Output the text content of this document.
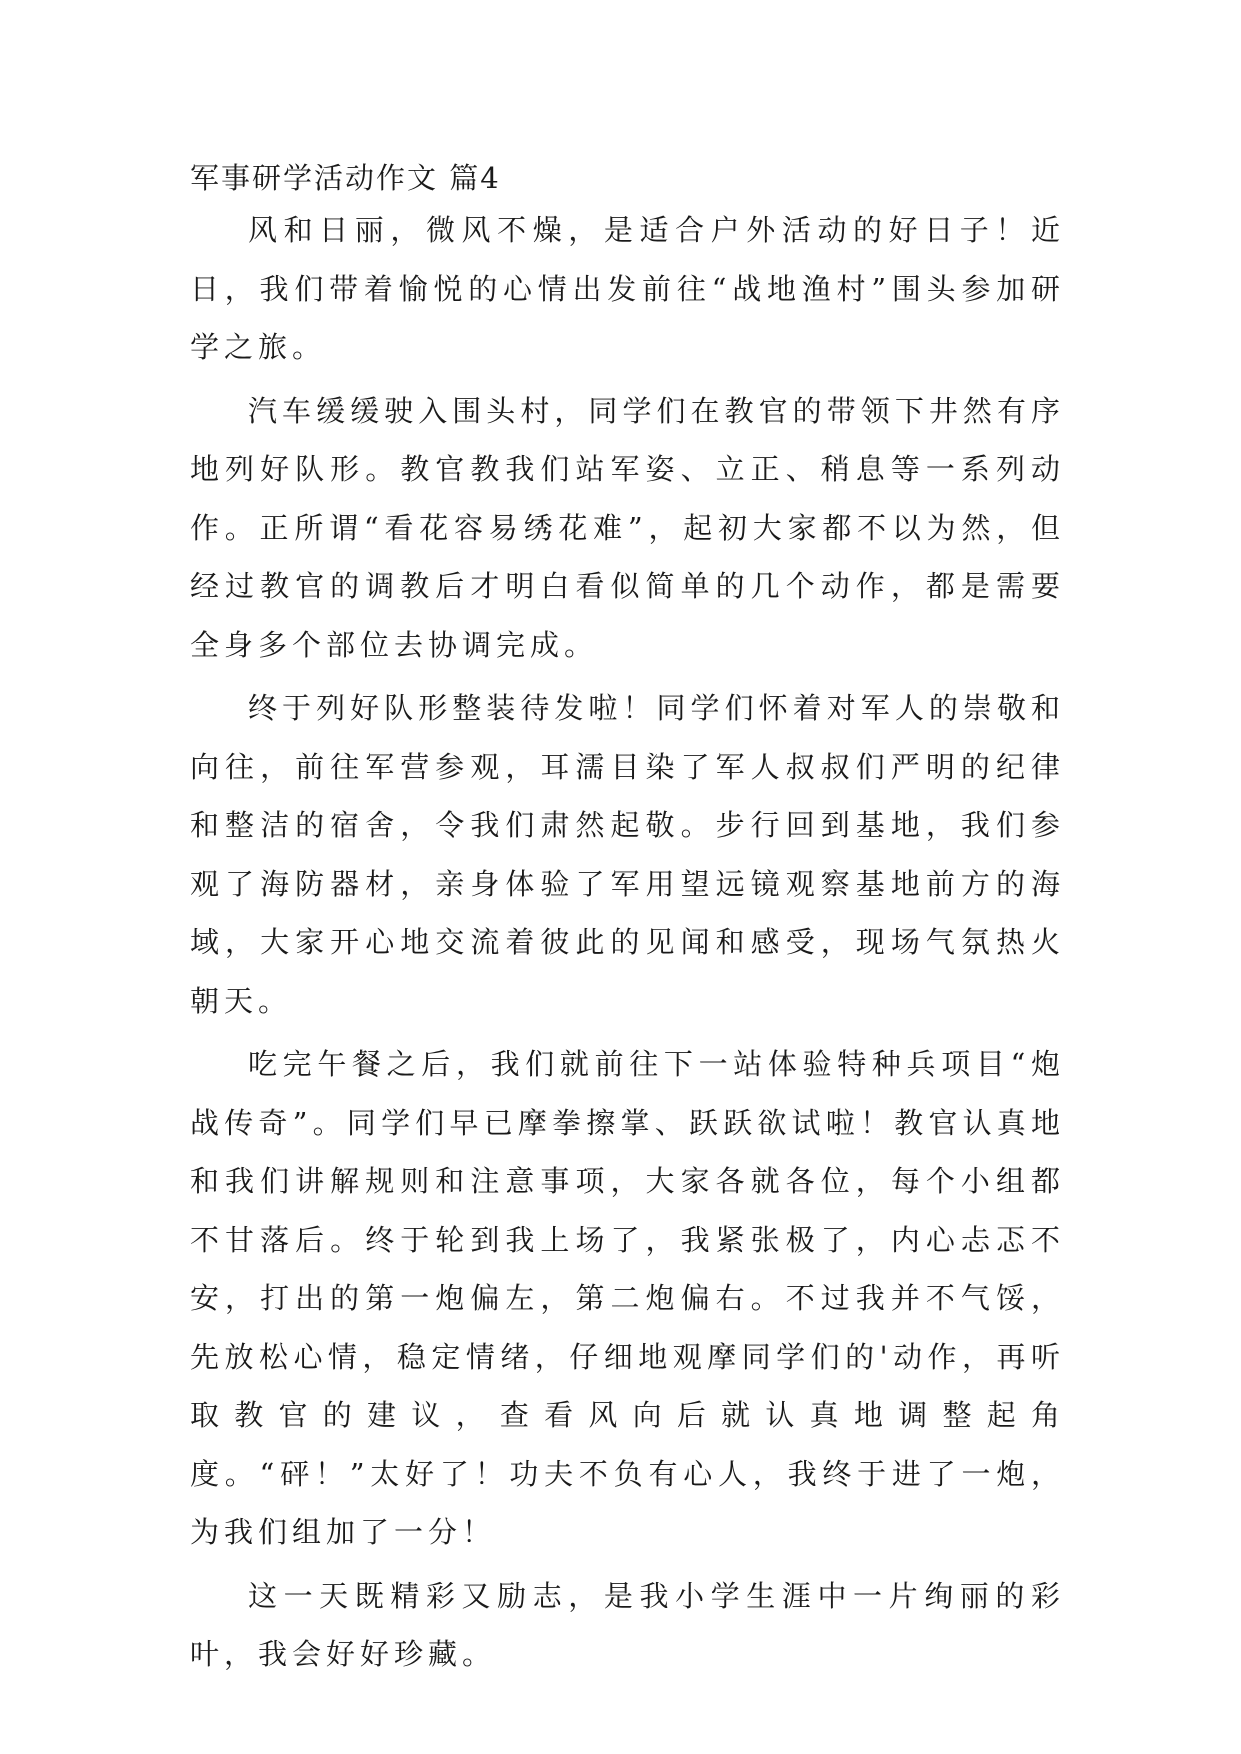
军事研学活动作文 篇4

风和日丽，微风不燥，是适合户外活动的好日子！近日，我们带着愉悦的心情出发前往“战地渔村”围头参加研学之旅。

汽车缓缓驶入围头村，同学们在教官的带领下井然有序地列好队形。教官教我们站军姿、立正、稍息等一系列动作。正所谓“看花容易绣花难”，起初大家都不以为然，但经过教官的调教后才明白看似简单的几个动作，都是需要全身多个部位去协调完成。

终于列好队形整装待发啦！同学们怀着对军人的崇敬和向往，前往军营参观，耳濡目染了军人叔叔们严明的纪律和整洁的宿舍，令我们肃然起敬。步行回到基地，我们参观了海防器材，亲身体验了军用望远镜观察基地前方的海域，大家开心地交流着彼此的见闻和感受，现场气氛热火朝天。

吃完午餐之后，我们就前往下一站体验特种兵项目“炮战传奇”。同学们早已摩拳擦掌、跃跃欲试啦！教官认真地和我们讲解规则和注意事项，大家各就各位，每个小组都不甘落后。终于轮到我上场了，我紧张极了，内心忐忑不安，打出的第一炮偏左，第二炮偏右。不过我并不气馁，先放松心情，稳定情绪，仔细地观摩同学们的'动作，再听取教官的建议，查看风向后就认真地调整起角度。“砰！”太好了！功夫不负有心人，我终于进了一炮，为我们组加了一分！

这一天既精彩又励志，是我小学生涯中一片绚丽的彩叶，我会好好珍藏。
